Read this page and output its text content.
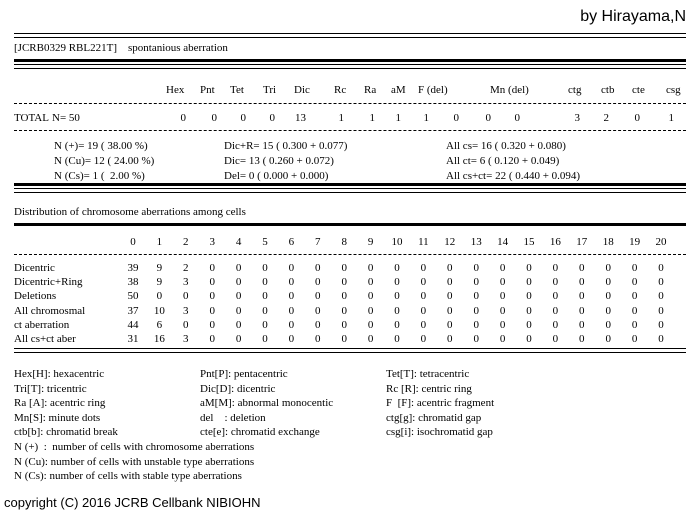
by Hirayama,N
[JCRB0329 RBL221T]    spontanious aberration
Hex Pnt Tet Tri Dic Rc Ra aM F (del)	Mn (del)	ctg ctb cte csg
TOTAL N= 50	0	0	0	0	13	1	1	1	1	0	0	0	3	2	0	1
N (+)= 19 ( 38.00 %)
N (Cu)= 12 ( 24.00 %)
N (Cs)= 1 (  2.00 %)
Dic+R= 15 ( 0.300 + 0.077)
Dic= 13 ( 0.260 + 0.072)
Del= 0 ( 0.000 + 0.000)
All cs= 16 ( 0.320 + 0.080)
All ct= 6 ( 0.120 + 0.049)
All cs+ct= 22 ( 0.440 + 0.094)
Distribution of chromosome aberrations among cells
0	1	2	3	4	5	6	7	8	9	10	11	12	13	14	15	16	17	18	19	20
Dicentric	39	9	2	0	0	0	0	0	0	0	0	0	0	0	0	0	0	0	0	0	0
Dicentric+Ring	38	9	3	0	0	0	0	0	0	0	0	0	0	0	0	0	0	0	0	0	0
Deletions	50	0	0	0	0	0	0	0	0	0	0	0	0	0	0	0	0	0	0	0	0
All chromosmal	37	10	3	0	0	0	0	0	0	0	0	0	0	0	0	0	0	0	0	0	0
ct aberration	44	6	0	0	0	0	0	0	0	0	0	0	0	0	0	0	0	0	0	0	0
All cs+ct aber	31	16	3	0	0	0	0	0	0	0	0	0	0	0	0	0	0	0	0	0	0
Hex[H]: hexacentric
Tri[T]: tricentric
Ra [A]: acentric ring
Mn[S]: minute dots
ctb[b]: chromatid break
N (+)  :  number of cells with chromosome aberrations
N (Cu): number of cells with unstable type aberrations
N (Cs): number of cells with stable type aberrations
Pnt[P]: pentacentric
Dic[D]: dicentric
aM[M]: abnormal monocentic
del    : deletion
cte[e]: chromatid exchange
Tet[T]: tetracentric
Rc [R]: centric ring
F  [F]: acentric fragment
ctg[g]: chromatid gap
csg[i]: isochromatid gap
copyright (C) 2016 JCRB Cellbank NIBIOHN
